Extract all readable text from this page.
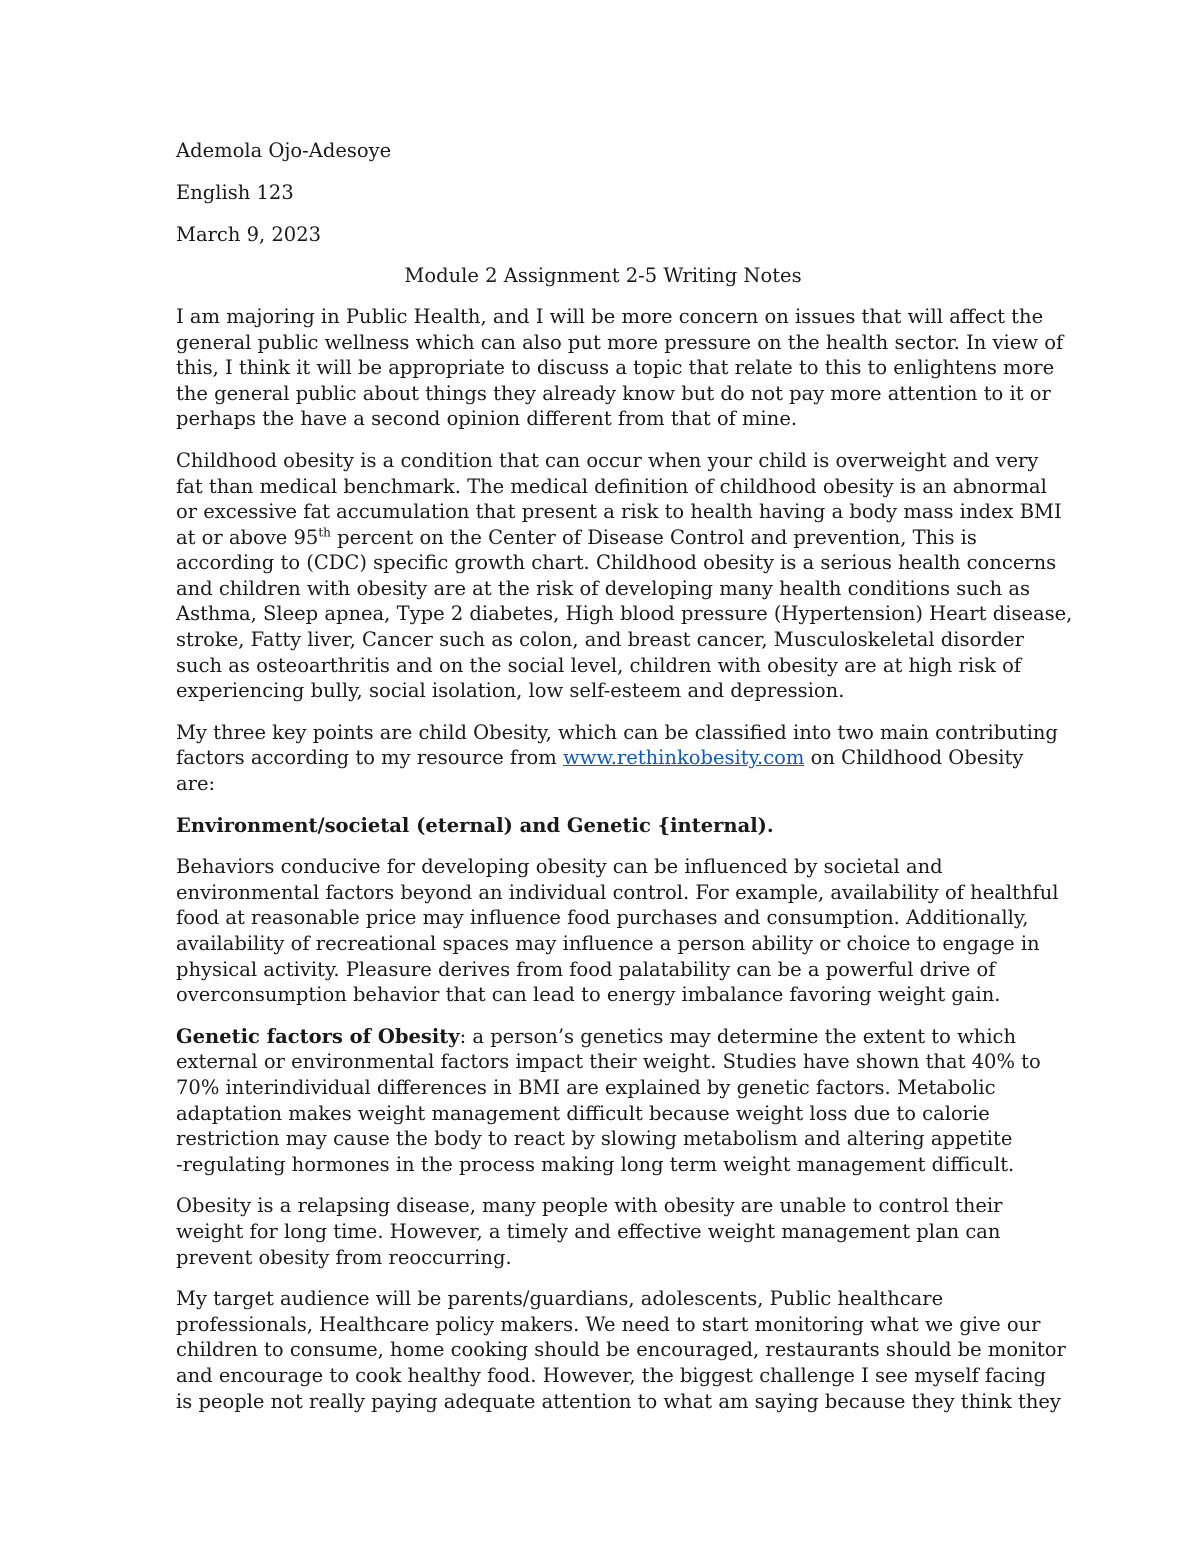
Ademola Ojo-Adesoye
English 123
March 9, 2023
Module 2 Assignment 2-5 Writing Notes
I am majoring in Public Health, and I will be more concern on issues that will affect the
general public wellness which can also put more pressure on the health sector. In view of
this, I think it will be appropriate to discuss a topic that relate to this to enlightens more
the general public about things they already know but do not pay more attention to it or
perhaps the have a second opinion different from that of mine.
Childhood obesity is a condition that can occur when your child is overweight and very
fat than medical benchmark. The medical definition of childhood obesity is an abnormal
or excessive fat accumulation that present a risk to health having a body mass index BMI
at or above 95th percent on the Center of Disease Control and prevention, This is
according to (CDC) specific growth chart. Childhood obesity is a serious health concerns
and children with obesity are at the risk of developing many health conditions such as
Asthma, Sleep apnea, Type 2 diabetes, High blood pressure (Hypertension) Heart disease,
stroke, Fatty liver, Cancer such as colon, and breast cancer, Musculoskeletal disorder
such as osteoarthritis and on the social level, children with obesity are at high risk of
experiencing bully, social isolation, low self-esteem and depression.
My three key points are child Obesity, which can be classified into two main contributing
factors according to my resource from www.rethinkobesity.com on Childhood Obesity
are:
Environment/societal (eternal) and Genetic {internal).
Behaviors conducive for developing obesity can be influenced by societal and
environmental factors beyond an individual control. For example, availability of healthful
food at reasonable price may influence food purchases and consumption. Additionally,
availability of recreational spaces may influence a person ability or choice to engage in
physical activity. Pleasure derives from food palatability can be a powerful drive of
overconsumption behavior that can lead to energy imbalance favoring weight gain.
Genetic factors of Obesity: a person’s genetics may determine the extent to which
external or environmental factors impact their weight. Studies have shown that 40% to
70% interindividual differences in BMI are explained by genetic factors. Metabolic
adaptation makes weight management difficult because weight loss due to calorie
restriction may cause the body to react by slowing metabolism and altering appetite
-regulating hormones in the process making long term weight management difficult.
Obesity is a relapsing disease, many people with obesity are unable to control their
weight for long time. However, a timely and effective weight management plan can
prevent obesity from reoccurring.
My target audience will be parents/guardians, adolescents, Public healthcare
professionals, Healthcare policy makers. We need to start monitoring what we give our
children to consume, home cooking should be encouraged, restaurants should be monitor
and encourage to cook healthy food. However, the biggest challenge I see myself facing
is people not really paying adequate attention to what am saying because they think they
